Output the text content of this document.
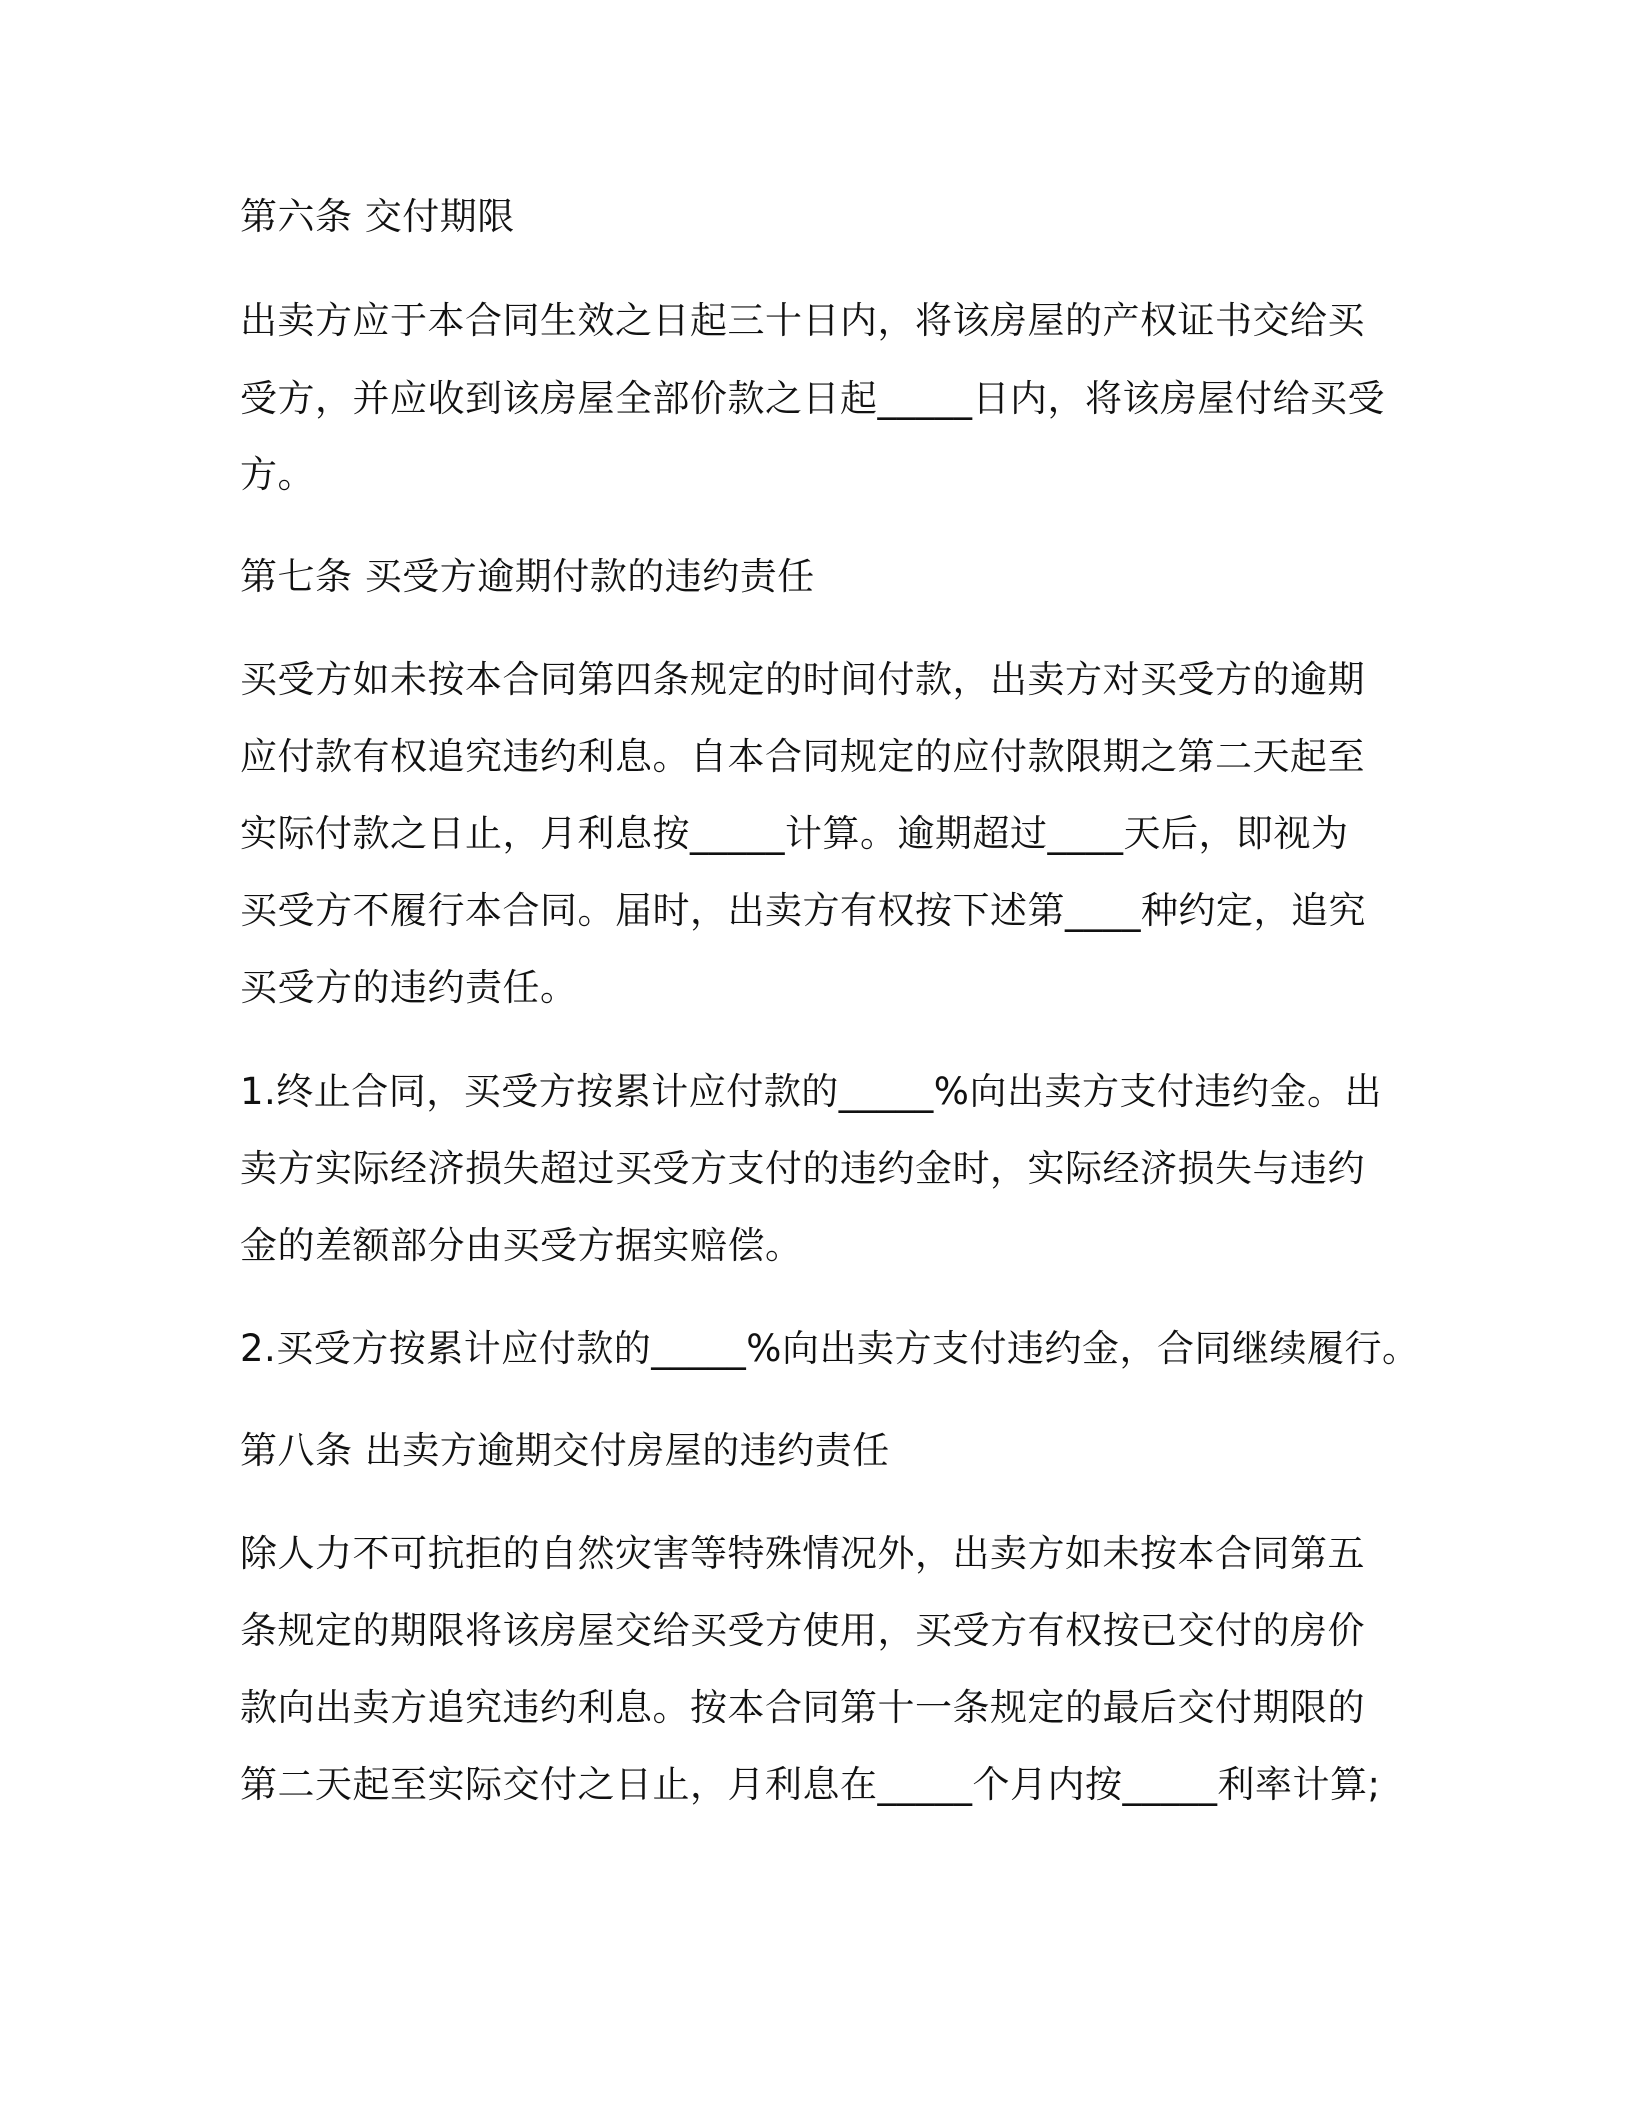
第六条 交付期限
出卖方应于本合同生效之日起三十日内，将该房屋的产权证书交给买
受方，并应收到该房屋全部价款之日起_____日内，将该房屋付给买受
方。
第七条 买受方逾期付款的违约责任
买受方如未按本合同第四条规定的时间付款，出卖方对买受方的逾期
应付款有权追究违约利息。自本合同规定的应付款限期之第二天起至
实际付款之日止，月利息按_____计算。逾期超过____天后，即视为
买受方不履行本合同。届时，出卖方有权按下述第____种约定，追究
买受方的违约责任。
1.终止合同，买受方按累计应付款的_____%向出卖方支付违约金。出
卖方实际经济损失超过买受方支付的违约金时，实际经济损失与违约
金的差额部分由买受方据实赔偿。
2.买受方按累计应付款的_____%向出卖方支付违约金，合同继续履行。
第八条 出卖方逾期交付房屋的违约责任
除人力不可抗拒的自然灾害等特殊情况外，出卖方如未按本合同第五
条规定的期限将该房屋交给买受方使用，买受方有权按已交付的房价
款向出卖方追究违约利息。按本合同第十一条规定的最后交付期限的
第二天起至实际交付之日止，月利息在_____个月内按_____利率计算;
